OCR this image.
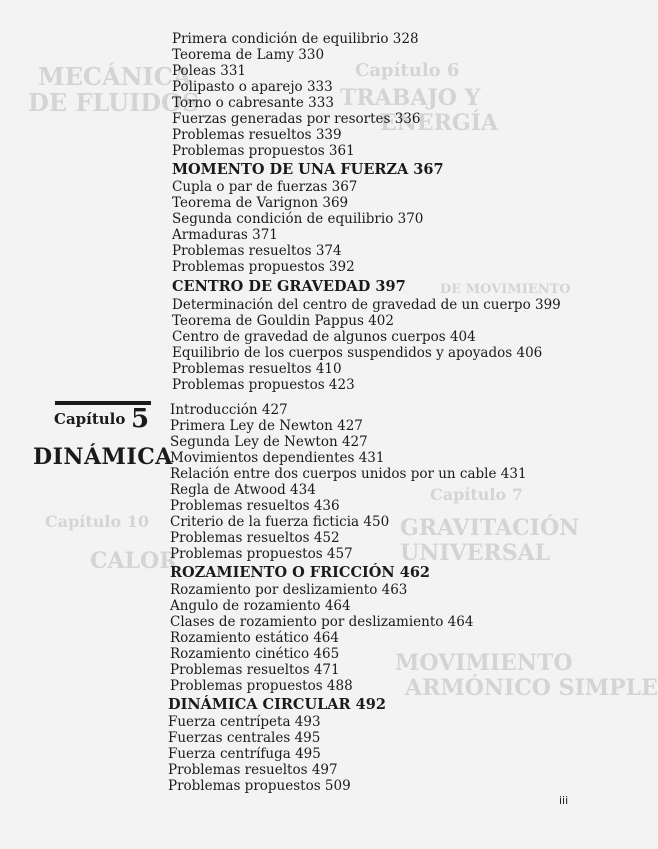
MECÁNICA
DE FLUIDOS
Capítulo 6
TRABAJO Y
ENERGÍA
DE MOVIMIENTO
Capítulo 7
Capítulo 10	GRAVITACIÓN
UNIVERSAL
CALOR
MOVIMIENTO
ARMÓNICO SIMPLE
Primera condición de equilibrio 328
Teorema de Lamy 330
Poleas 331
Polipasto o aparejo 333
Torno o cabresante 333
Fuerzas generadas por resortes 336
Problemas resueltos 339
Problemas propuestos 361
MOMENTO DE UNA FUERZA 367
Cupla o par de fuerzas 367
Teorema de Varignon 369
Segunda condición de equilibrio 370
Armaduras 371
Problemas resueltos 374
Problemas propuestos 392
CENTRO DE GRAVEDAD 397
Determinación del centro de gravedad de un cuerpo 399
Teorema de Gouldin Pappus 402
Centro de gravedad de algunos cuerpos 404
Equilibrio de los cuerpos suspendidos y apoyados 406
Problemas resueltos 410
Problemas propuestos 423
Capítulo 5
DINÁMICA
Introducción 427
Primera Ley de Newton 427
Segunda Ley de Newton 427
Movimientos dependientes 431
Relación entre dos cuerpos unidos por un cable 431
Regla de Atwood 434
Problemas resueltos 436
Criterio de la fuerza ficticia 450
Problemas resueltos 452
Problemas propuestos 457
ROZAMIENTO O FRICCIÓN 462
Rozamiento por deslizamiento 463
Angulo de rozamiento 464
Clases de rozamiento por deslizamiento 464
Rozamiento estático 464
Rozamiento cinético 465
Problemas resueltos 471
Problemas propuestos 488
DINÁMICA CIRCULAR 492
Fuerza centrípeta 493
Fuerzas centrales 495
Fuerza centrífuga 495
Problemas resueltos 497
Problemas propuestos 509
iii
